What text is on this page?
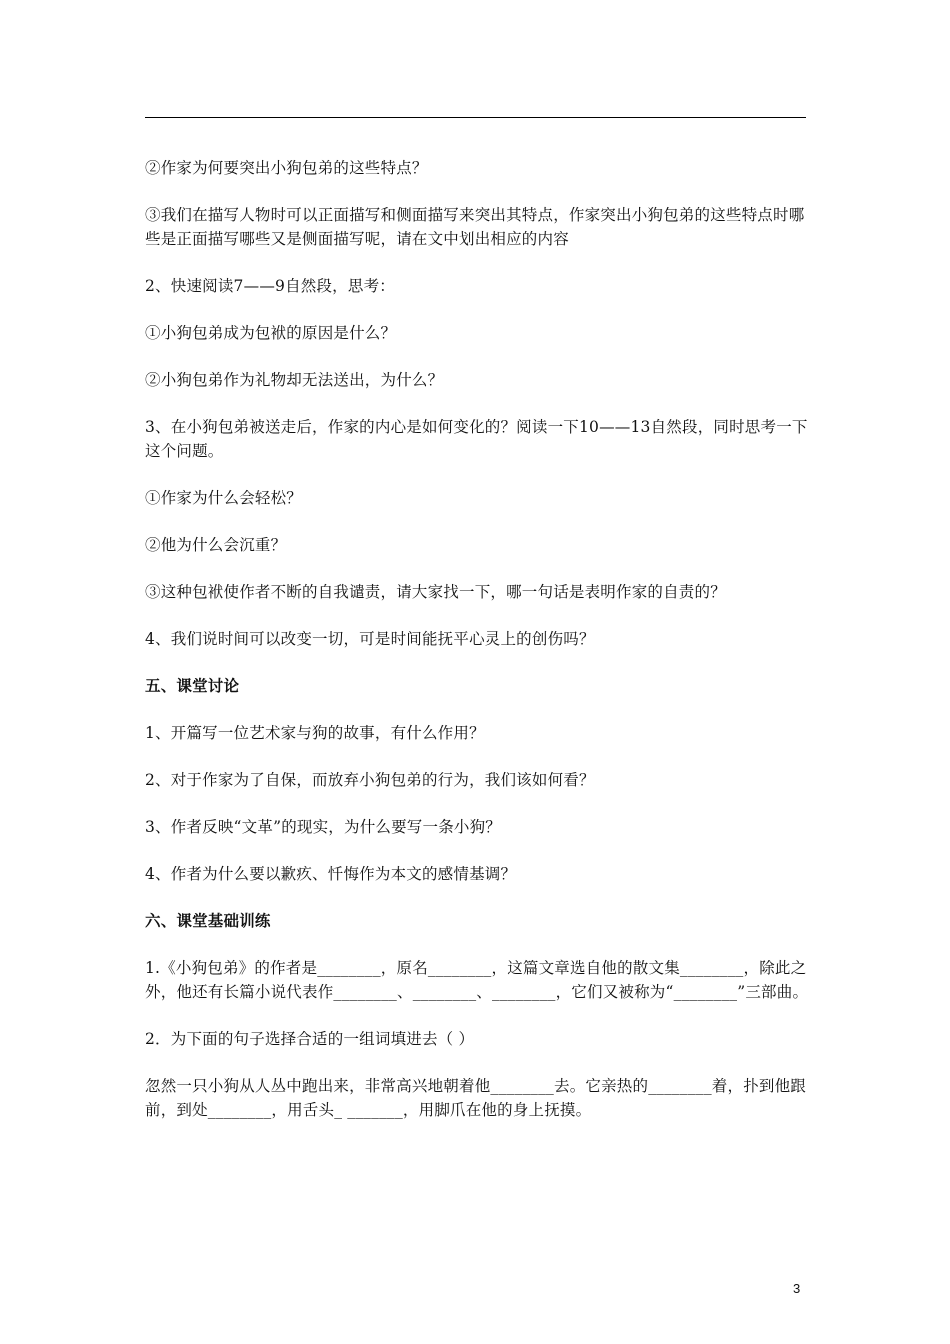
②作家为何要突出小狗包弟的这些特点？

③我们在描写人物时可以正面描写和侧面描写来突出其特点，作家突出小狗包弟的这些特点时哪些是正面描写哪些又是侧面描写呢，请在文中划出相应的内容

2、快速阅读7——9自然段，思考：

①小狗包弟成为包袱的原因是什么？

②小狗包弟作为礼物却无法送出，为什么？

3、在小狗包弟被送走后，作家的内心是如何变化的？阅读一下10——13自然段，同时思考一下这个问题。

①作家为什么会轻松？

②他为什么会沉重？

③这种包袱使作者不断的自我谴责，请大家找一下，哪一句话是表明作家的自责的？

4、我们说时间可以改变一切，可是时间能抚平心灵上的创伤吗？

五、课堂讨论

1、开篇写一位艺术家与狗的故事，有什么作用？

2、对于作家为了自保，而放弃小狗包弟的行为，我们该如何看？

3、作者反映“文革”的现实，为什么要写一条小狗？

4、作者为什么要以歉疚、忏悔作为本文的感情基调？

六、课堂基础训练

1.《小狗包弟》的作者是________，原名________，这篇文章选自他的散文集________，除此之外，他还有长篇小说代表作________、________、________，它们又被称为“________”三部曲。

2．为下面的句子选择合适的一组词填进去（ ）

忽然一只小狗从人丛中跑出来，非常高兴地朝着他________去。它亲热的________着，扑到他跟前，到处________，用舌头_ _______，用脚爪在他的身上抚摸。

3
